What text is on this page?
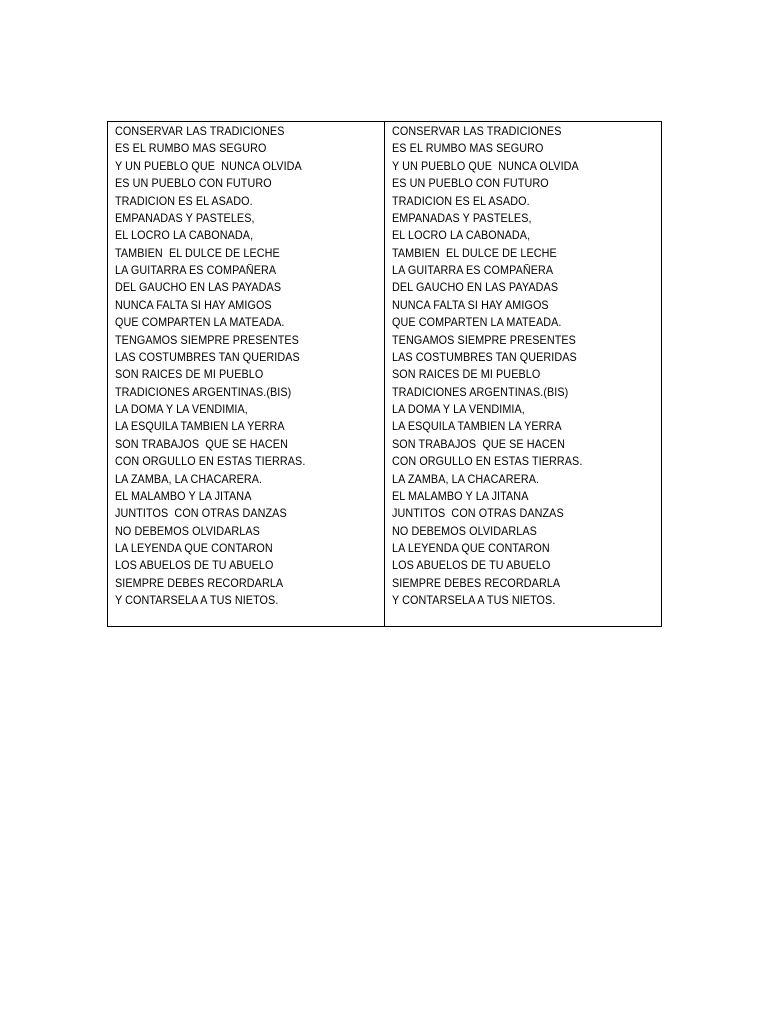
CONSERVAR LAS TRADICIONES
ES EL RUMBO MAS SEGURO
Y UN PUEBLO QUE  NUNCA OLVIDA
ES UN PUEBLO CON FUTURO
TRADICION ES EL ASADO.
EMPANADAS Y PASTELES,
EL LOCRO LA CABONADA,
TAMBIEN  EL DULCE DE LECHE
LA GUITARRA ES COMPAÑERA
DEL GAUCHO EN LAS PAYADAS
NUNCA FALTA SI HAY AMIGOS
QUE COMPARTEN LA MATEADA.
TENGAMOS SIEMPRE PRESENTES
LAS COSTUMBRES TAN QUERIDAS
SON RAICES DE MI PUEBLO
TRADICIONES ARGENTINAS.(BIS)
LA DOMA Y LA VENDIMIA,
LA ESQUILA TAMBIEN LA YERRA
SON TRABAJOS  QUE SE HACEN
CON ORGULLO EN ESTAS TIERRAS.
LA ZAMBA, LA CHACARERA.
EL MALAMBO Y LA JITANA
JUNTITOS  CON OTRAS DANZAS
NO DEBEMOS OLVIDARLAS
LA LEYENDA QUE CONTARON
LOS ABUELOS DE TU ABUELO
SIEMPRE DEBES RECORDARLA
Y CONTARSELA A TUS NIETOS.
CONSERVAR LAS TRADICIONES
ES EL RUMBO MAS SEGURO
Y UN PUEBLO QUE  NUNCA OLVIDA
ES UN PUEBLO CON FUTURO
TRADICION ES EL ASADO.
EMPANADAS Y PASTELES,
EL LOCRO LA CABONADA,
TAMBIEN  EL DULCE DE LECHE
LA GUITARRA ES COMPAÑERA
DEL GAUCHO EN LAS PAYADAS
NUNCA FALTA SI HAY AMIGOS
QUE COMPARTEN LA MATEADA.
TENGAMOS SIEMPRE PRESENTES
LAS COSTUMBRES TAN QUERIDAS
SON RAICES DE MI PUEBLO
TRADICIONES ARGENTINAS.(BIS)
LA DOMA Y LA VENDIMIA,
LA ESQUILA TAMBIEN LA YERRA
SON TRABAJOS  QUE SE HACEN
CON ORGULLO EN ESTAS TIERRAS.
LA ZAMBA, LA CHACARERA.
EL MALAMBO Y LA JITANA
JUNTITOS  CON OTRAS DANZAS
NO DEBEMOS OLVIDARLAS
LA LEYENDA QUE CONTARON
LOS ABUELOS DE TU ABUELO
SIEMPRE DEBES RECORDARLA
Y CONTARSELA A TUS NIETOS.
